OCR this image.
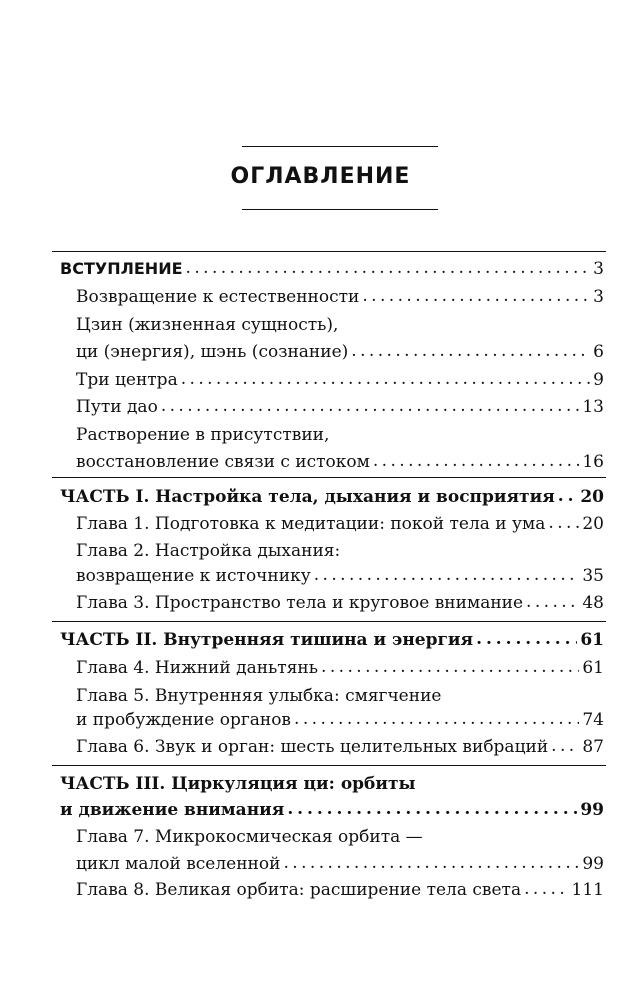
ОГЛАВЛЕНИЕ
ВСТУПЛЕНИЕ . . .	3
Возвращение к естественности . . .	3
Цзин (жизненная сущность),
ци (энергия), шэнь (сознание) . . .	6
Три центра . . .	9
Пути дао . . .	13
Растворение в присутствии,
восстановление связи с истоком . . .	16
ЧАСТЬ I. Настройка тела, дыхания и восприятия . . . 20
Глава 1. Подготовка к медитации: покой тела и ума . . . 20
Глава 2. Настройка дыхания:
возвращение к источнику . . .	35
Глава 3. Пространство тела и круговое внимание . . .	48
ЧАСТЬ II. Внутренняя тишина и энергия . . .	61
Глава 4. Нижний даньтянь . . .	61
Глава 5. Внутренняя улыбка: смягчение
и пробуждение органов . . .	74
Глава 6. Звук и орган: шесть целительных вибраций . . . 87
ЧАСТЬ III. Циркуляция ци: орбиты
и движение внимания . . .	99
Глава 7. Микрокосмическая орбита —
цикл малой вселенной . . .	99
Глава 8. Великая орбита: расширение тела света . . .	111
